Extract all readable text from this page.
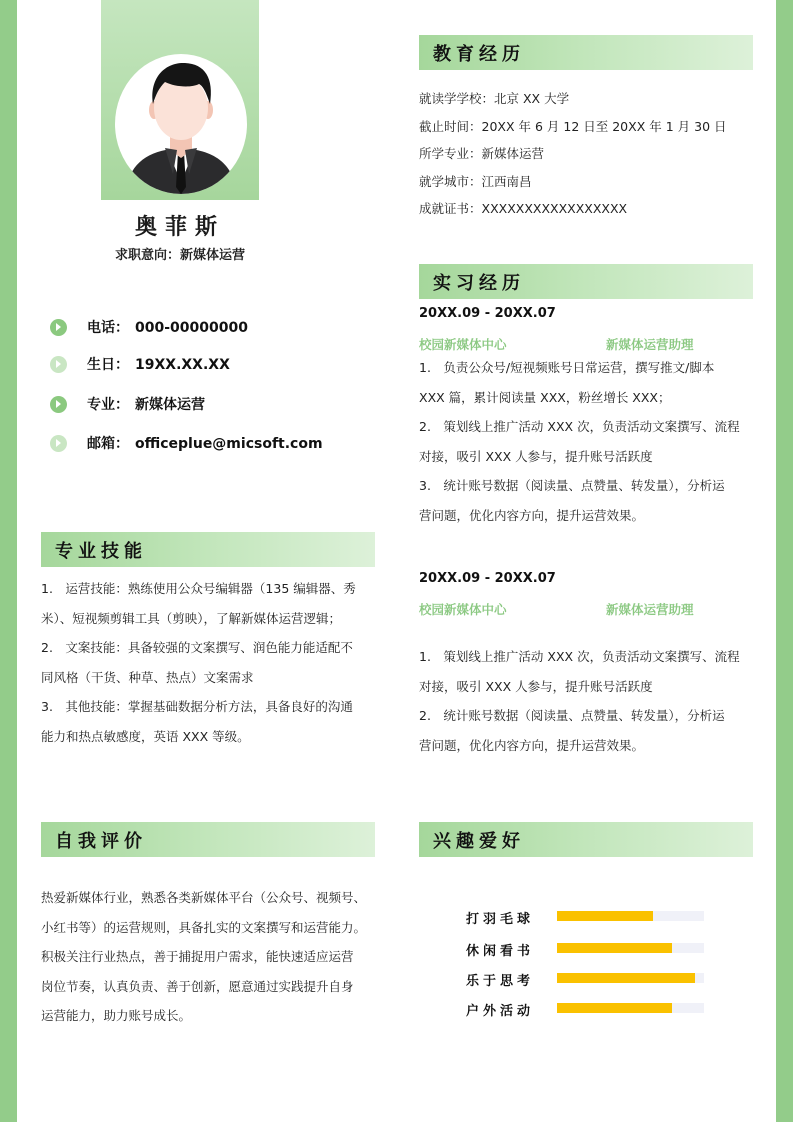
奥菲斯
求职意向：新媒体运营
电话： 000-00000000
生日： 19XX.XX.XX
专业： 新媒体运营
邮箱： officeplue@micsoft.com
专业技能
1.　运营技能：熟练使用公众号编辑器（135 编辑器、秀
米）、短视频剪辑工具（剪映），了解新媒体运营逻辑；
2.　文案技能：具备较强的文案撰写、润色能力能适配不
同风格（干货、种草、热点）文案需求
3.　其他技能：掌握基础数据分析方法，具备良好的沟通
能力和热点敏感度，英语 XXX 等级。
自我评价
热爱新媒体行业，熟悉各类新媒体平台（公众号、视频号、
小红书等）的运营规则，具备扎实的文案撰写和运营能力。
积极关注行业热点，善于捕捉用户需求，能快速适应运营
岗位节奏，认真负责、善于创新，愿意通过实践提升自身
运营能力，助力账号成长。
教育经历
就读学学校：北京 XX 大学
截止时间：20XX 年 6 月 12 日至 20XX 年 1 月 30 日
所学专业：新媒体运营
就学城市：江西南昌
成就证书：XXXXXXXXXXXXXXXXX
实习经历
20XX.09 - 20XX.07
校园新媒体中心	新媒体运营助理
1.　负责公众号/短视频账号日常运营，撰写推文/脚本
XXX 篇，累计阅读量 XXX，粉丝增长 XXX；
2.　策划线上推广活动 XXX 次，负责活动文案撰写、流程
对接，吸引 XXX 人参与，提升账号活跃度
3.　统计账号数据（阅读量、点赞量、转发量），分析运
营问题，优化内容方向，提升运营效果。
20XX.09 - 20XX.07
校园新媒体中心	新媒体运营助理
1.　策划线上推广活动 XXX 次，负责活动文案撰写、流程
对接，吸引 XXX 人参与，提升账号活跃度
2.　统计账号数据（阅读量、点赞量、转发量），分析运
营问题，优化内容方向，提升运营效果。
兴趣爱好
打羽毛球
休闲看书
乐于思考
户外活动
